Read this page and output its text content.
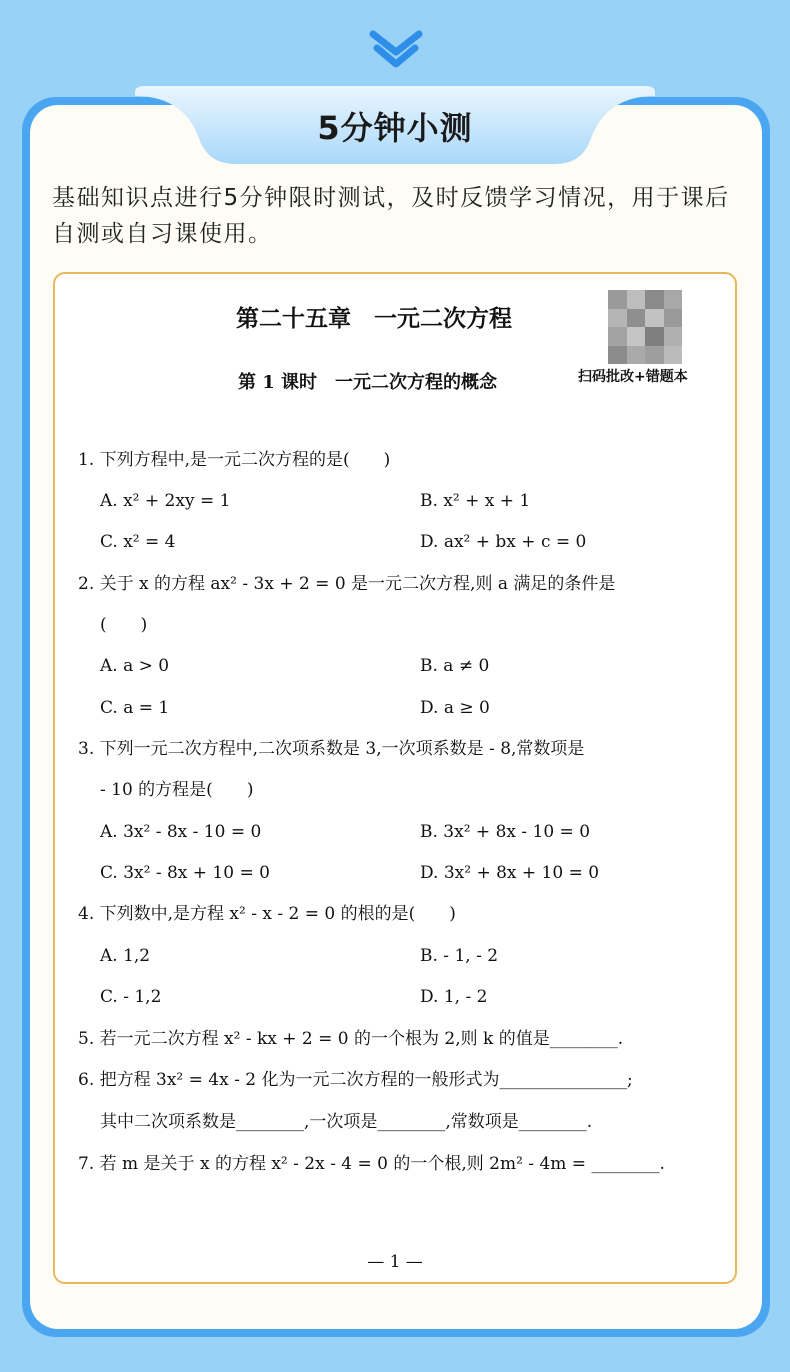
5分钟小测
基础知识点进行5分钟限时测试，及时反馈学习情况，用于课后自测或自习课使用。
第二十五章　一元二次方程
第 1 课时　一元二次方程的概念	扫码批改+错题本
1. 下列方程中,是一元二次方程的是(　　)
A. x² + 2xy = 1	B. x² + x + 1
C. x² = 4	D. ax² + bx + c = 0
2. 关于 x 的方程 ax² - 3x + 2 = 0 是一元二次方程,则 a 满足的条件是
(　　)
A. a > 0	B. a ≠ 0
C. a = 1	D. a ≥ 0
3. 下列一元二次方程中,二次项系数是 3,一次项系数是 - 8,常数项是
- 10 的方程是(　　)
A. 3x² - 8x - 10 = 0	B. 3x² + 8x - 10 = 0
C. 3x² - 8x + 10 = 0	D. 3x² + 8x + 10 = 0
4. 下列数中,是方程 x² - x - 2 = 0 的根的是(　　)
A. 1,2	B. - 1, - 2
C. - 1,2	D. 1, - 2
5. 若一元二次方程 x² - kx + 2 = 0 的一个根为 2,则 k 的值是________.
6. 把方程 3x² = 4x - 2 化为一元二次方程的一般形式为_______________;
其中二次项系数是________,一次项是________,常数项是________.
7. 若 m 是关于 x 的方程 x² - 2x - 4 = 0 的一个根,则 2m² - 4m = ________.
— 1 —
